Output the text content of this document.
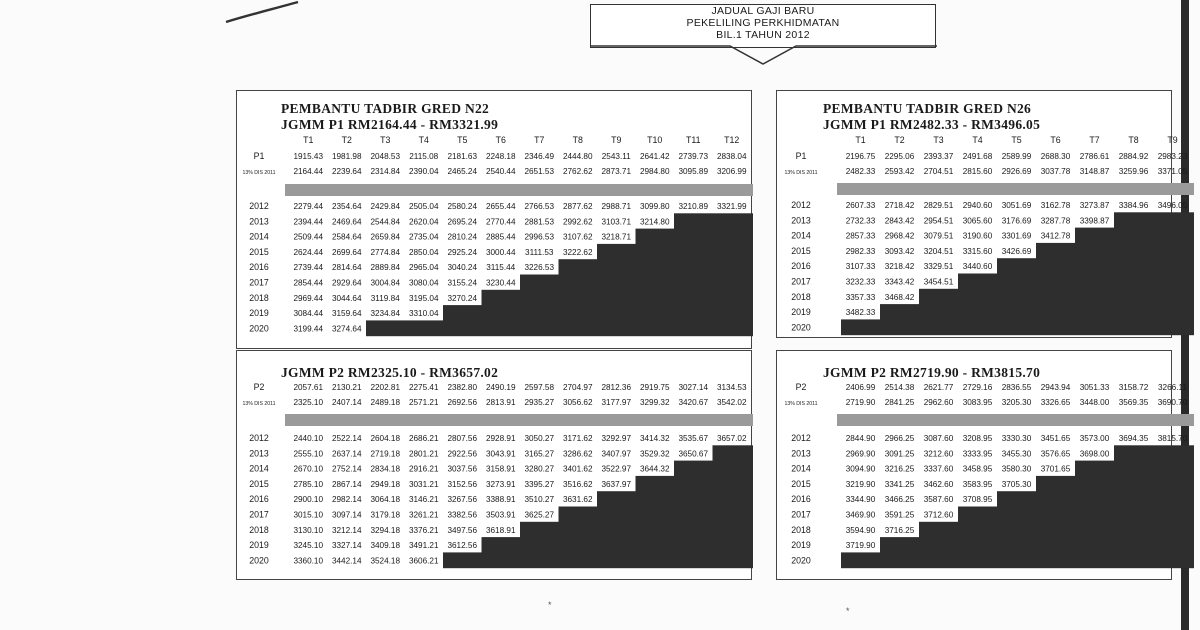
JADUAL GAJI BARU
PEKELILING PERKHIDMATAN
BIL.1 TAHUN 2012
PEMBANTU TADBIR GRED N22
JGMM P1 RM2164.44 - RM3321.99
T1	T2	T3	T4	T5	T6	T7	T8	T9	T10	T11	T12
P1	1915.43 1981.98 2048.53 2115.08 2181.63 2248.18 2346.49 2444.80 2543.11 2641.42 2739.73 2838.04
13% DIS 2011 2164.44 2239.64 2314.84 2390.04 2465.24 2540.44 2651.53 2762.62 2873.71 2984.80 3095.89 3206.99
2012	2279.44 2354.64 2429.84 2505.04 2580.24 2655.44 2766.53 2877.62 2988.71 3099.80 3210.89 3321.99
2013	2394.44 2469.64 2544.84 2620.04 2695.24 2770.44 2881.53 2992.62 3103.71 3214.80
2014	2509.44 2584.64 2659.84 2735.04 2810.24 2885.44 2996.53 3107.62 3218.71
2015	2624.44 2699.64 2774.84 2850.04 2925.24 3000.44 3111.53 3222.62
2016	2739.44 2814.64 2889.84 2965.04 3040.24 3115.44 3226.53
2017	2854.44 2929.64 3004.84 3080.04 3155.24 3230.44
2018	2969.44 3044.64 3119.84 3195.04 3270.24
2019	3084.44 3159.64 3234.84 3310.04
2020	3199.44 3274.64
PEMBANTU TADBIR GRED N26
JGMM P1 RM2482.33 - RM3496.05
T1	T2	T3	T4	T5	T6	T7	T8	T9
P1	2196.75 2295.06 2393.37 2491.68 2589.99 2688.30 2786.61 2884.92 2983.23
13% DIS 2011	2482.33 2593.42 2704.51 2815.60 2926.69 3037.78 3148.87 3259.96 3371.05
2012	2607.33 2718.42 2829.51 2940.60 3051.69 3162.78 3273.87 3384.96 3496.05
2013	2732.33 2843.42 2954.51 3065.60 3176.69 3287.78 3398.87
2014	2857.33 2968.42 3079.51 3190.60 3301.69 3412.78
2015	2982.33 3093.42 3204.51 3315.60 3426.69
2016	3107.33 3218.42 3329.51 3440.60
2017	3232.33 3343.42 3454.51
2018	3357.33 3468.42
2019	3482.33
2020
JGMM P2 RM2325.10 - RM3657.02
P2	2057.61 2130.21 2202.81 2275.41 2382.80 2490.19 2597.58 2704.97 2812.36 2919.75 3027.14 3134.53
13% DIS 2011 2325.10 2407.14 2489.18 2571.21 2692.56 2813.91 2935.27 3056.62 3177.97 3299.32 3420.67 3542.02
2012	2440.10 2522.14 2604.18 2686.21 2807.56 2928.91 3050.27 3171.62 3292.97 3414.32 3535.67 3657.02
2013	2555.10 2637.14 2719.18 2801.21 2922.56 3043.91 3165.27 3286.62 3407.97 3529.32 3650.67
2014	2670.10 2752.14 2834.18 2916.21 3037.56 3158.91 3280.27 3401.62 3522.97 3644.32
2015	2785.10 2867.14 2949.18 3031.21 3152.56 3273.91 3395.27 3516.62 3637.97
2016	2900.10 2982.14 3064.18 3146.21 3267.56 3388.91 3510.27 3631.62
2017	3015.10 3097.14 3179.18 3261.21 3382.56 3503.91 3625.27
2018	3130.10 3212.14 3294.18 3376.21 3497.56 3618.91
2019	3245.10 3327.14 3409.18 3491.21 3612.56
2020	3360.10 3442.14 3524.18 3606.21
JGMM P2 RM2719.90 - RM3815.70
P2	2406.99 2514.38 2621.77 2729.16 2836.55 2943.94 3051.33 3158.72 3266.11
13% DIS 2011	2719.90 2841.25 2962.60 3083.95 3205.30 3326.65 3448.00 3569.35 3690.70
2012	2844.90 2966.25 3087.60 3208.95 3330.30 3451.65 3573.00 3694.35 3815.70
2013	2969.90 3091.25 3212.60 3333.95 3455.30 3576.65 3698.00
2014	3094.90 3216.25 3337.60 3458.95 3580.30 3701.65
2015	3219.90 3341.25 3462.60 3583.95 3705.30
2016	3344.90 3466.25 3587.60 3708.95
2017	3469.90 3591.25 3712.60
2018	3594.90 3716.25
2019	3719.90
2020
*
*
